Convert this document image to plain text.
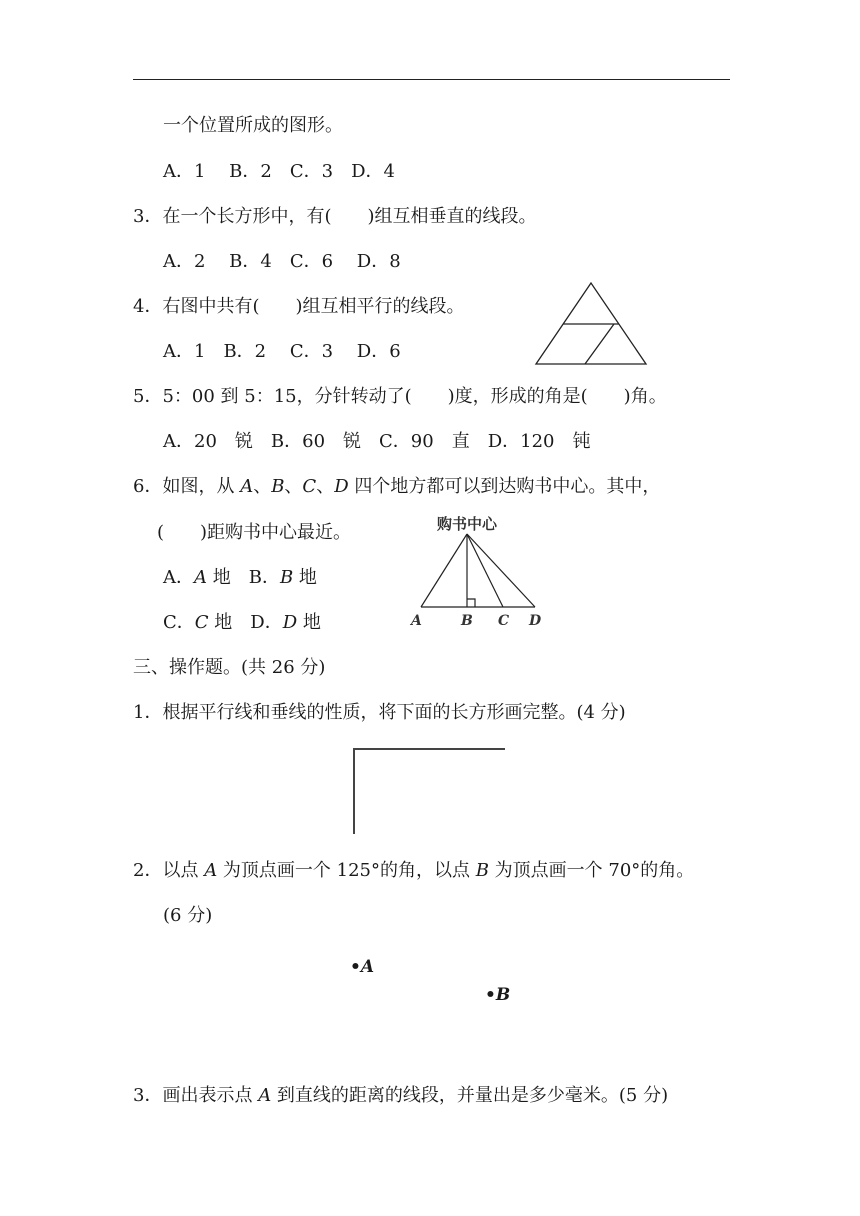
一个位置所成的图形。
A．1　 B．2　C．3　D．4
3．在一个长方形中，有(　　)组互相垂直的线段。
A．2　 B．4　C．6　 D．8
4．右图中共有(　　)组互相平行的线段。
A．1　B．2　 C．3　 D．6
5．5：00 到 5：15，分针转动了(　　)度，形成的角是(　　)角。
A．20　锐　B．60　锐　C．90　直　D．120　钝
6．如图，从 A、B、C、D 四个地方都可以到达购书中心。其中，
(　　)距购书中心最近。
A．A 地　B．B 地
C．C 地　D．D 地
购书中心
A	B C D
三、操作题。(共 26 分)
1．根据平行线和垂线的性质，将下面的长方形画完整。(4 分)
2．以点 A 为顶点画一个 125°的角，以点 B 为顶点画一个 70°的角。
(6 分)
•A
•B
3．画出表示点 A 到直线的距离的线段，并量出是多少毫米。(5 分)
